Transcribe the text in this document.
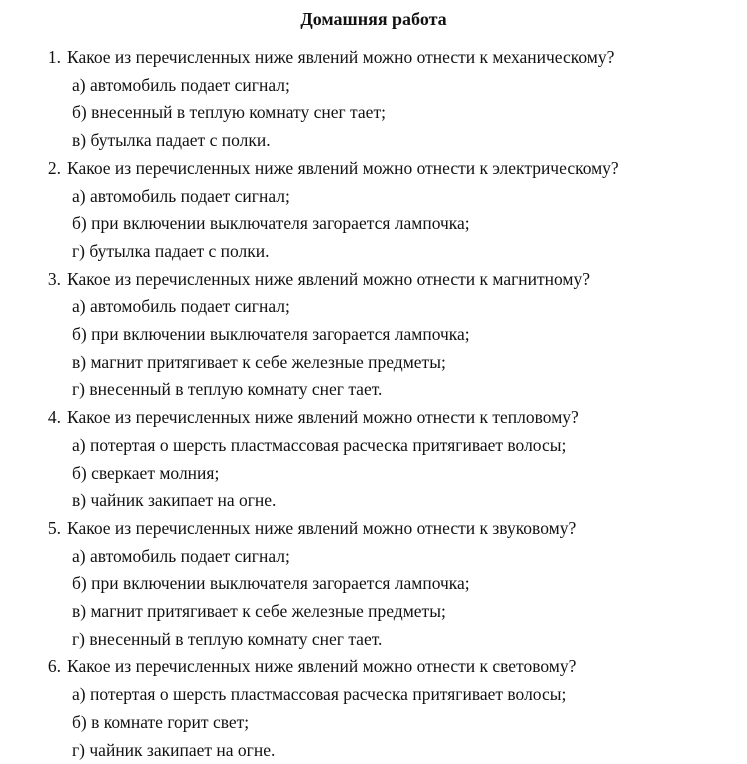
Домашняя работа
1. Какое из перечисленных ниже явлений можно отнести к механическому?
а) автомобиль подает сигнал;
б) внесенный в теплую комнату снег тает;
в) бутылка падает с полки.
2. Какое из перечисленных ниже явлений можно отнести к электрическому?
а) автомобиль подает сигнал;
б) при включении выключателя загорается лампочка;
г) бутылка падает с полки.
3. Какое из перечисленных ниже явлений можно отнести к магнитному?
а) автомобиль подает сигнал;
б) при включении выключателя загорается лампочка;
в) магнит притягивает к себе железные предметы;
г) внесенный в теплую комнату снег тает.
4. Какое из перечисленных ниже явлений можно отнести к тепловому?
а) потертая о шерсть пластмассовая расческа притягивает волосы;
б) сверкает молния;
в) чайник закипает на огне.
5. Какое из перечисленных ниже явлений можно отнести к звуковому?
а) автомобиль подает сигнал;
б) при включении выключателя загорается лампочка;
в) магнит притягивает к себе железные предметы;
г) внесенный в теплую комнату снег тает.
6. Какое из перечисленных ниже явлений можно отнести к световому?
а) потертая о шерсть пластмассовая расческа притягивает волосы;
б) в комнате горит свет;
г) чайник закипает на огне.
